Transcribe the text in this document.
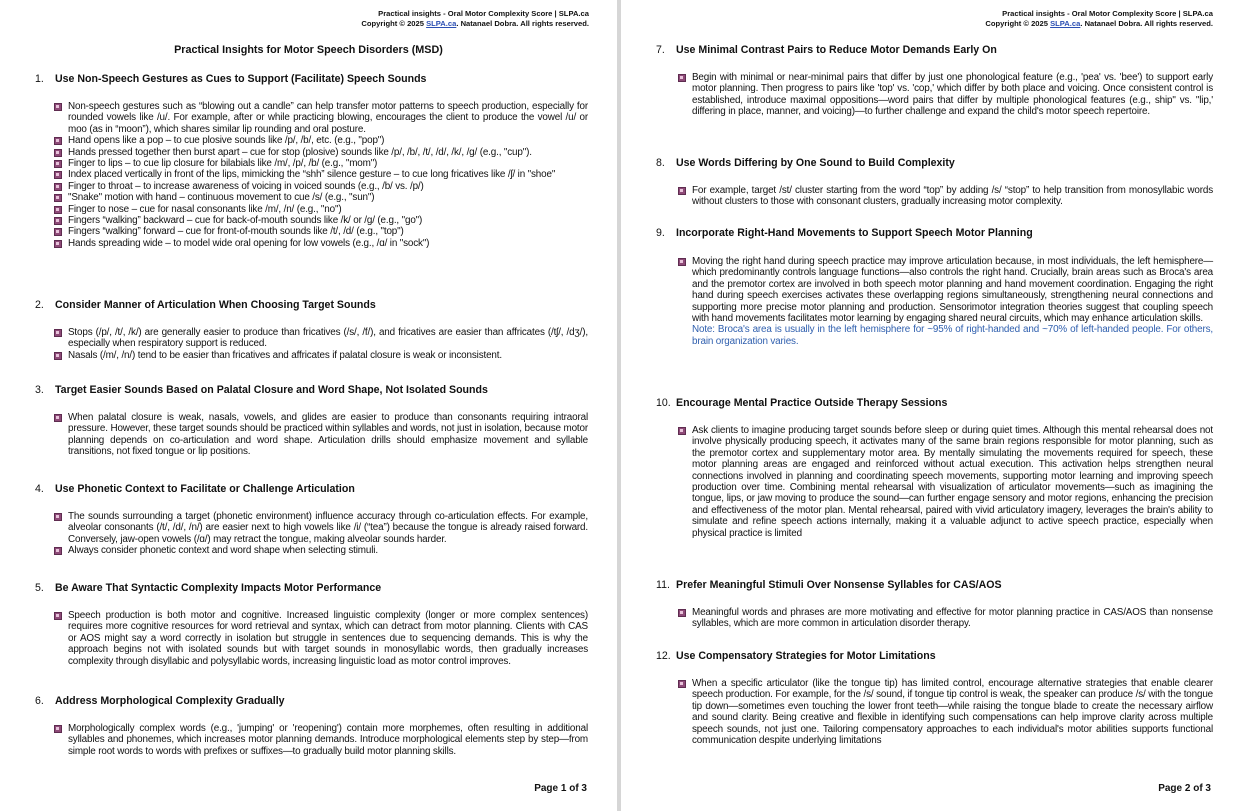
Practical insights - Oral Motor Complexity Score | SLPA.ca
Copyright © 2025 SLPA.ca. Natanael Dobra. All rights reserved.
Practical Insights for Motor Speech Disorders (MSD)
1. Use Non-Speech Gestures as Cues to Support (Facilitate) Speech Sounds
Non-speech gestures such as “blowing out a candle” can help transfer motor patterns to speech production, especially for rounded vowels like /u/. For example, after or while practicing blowing, encourages the client to produce the vowel /u/ or moo (as in “moon”), which shares similar lip rounding and oral posture.
Hand opens like a pop – to cue plosive sounds like /p/, /b/, etc. (e.g., "pop")
Hands pressed together then burst apart – cue for stop (plosive) sounds like /p/, /b/, /t/, /d/, /k/, /g/ (e.g., "cup").
Finger to lips – to cue lip closure for bilabials like /m/, /p/, /b/ (e.g., "mom")
Index placed vertically in front of the lips, mimicking the “shh” silence gesture – to cue long fricatives like /ʃ/ in "shoe"
Finger to throat – to increase awareness of voicing in voiced sounds (e.g., /b/ vs. /p/)
"Snake" motion with hand – continuous movement to cue /s/ (e.g., "sun")
Finger to nose – cue for nasal consonants like /m/, /n/ (e.g., "no")
Fingers “walking” backward – cue for back-of-mouth sounds like /k/ or /g/ (e.g., "go")
Fingers “walking” forward – cue for front-of-mouth sounds like /t/, /d/ (e.g., "top")
Hands spreading wide – to model wide oral opening for low vowels (e.g., /ɑ/ in "sock")
2. Consider Manner of Articulation When Choosing Target Sounds
Stops (/p/, /t/, /k/) are generally easier to produce than fricatives (/s/, /f/), and fricatives are easier than affricates (/tʃ/, /dʒ/), especially when respiratory support is reduced.
Nasals (/m/, /n/) tend to be easier than fricatives and affricates if palatal closure is weak or inconsistent.
3. Target Easier Sounds Based on Palatal Closure and Word Shape, Not Isolated Sounds
When palatal closure is weak, nasals, vowels, and glides are easier to produce than consonants requiring intraoral pressure. However, these target sounds should be practiced within syllables and words, not just in isolation, because motor planning depends on co-articulation and word shape. Articulation drills should emphasize movement and syllable transitions, not fixed tongue or lip positions.
4. Use Phonetic Context to Facilitate or Challenge Articulation
The sounds surrounding a target (phonetic environment) influence accuracy through co-articulation effects. For example, alveolar consonants (/t/, /d/, /n/) are easier next to high vowels like /i/ (“tea”) because the tongue is already raised forward. Conversely, jaw-open vowels (/ɑ/) may retract the tongue, making alveolar sounds harder.
Always consider phonetic context and word shape when selecting stimuli.
5. Be Aware That Syntactic Complexity Impacts Motor Performance
Speech production is both motor and cognitive. Increased linguistic complexity (longer or more complex sentences) requires more cognitive resources for word retrieval and syntax, which can detract from motor planning. Clients with CAS or AOS might say a word correctly in isolation but struggle in sentences due to sequencing demands. This is why the approach begins not with isolated sounds but with target sounds in monosyllabic words, then gradually increases complexity through disyllabic and polysyllabic words, increasing linguistic load as motor control improves.
6. Address Morphological Complexity Gradually
Morphologically complex words (e.g., 'jumping' or 'reopening') contain more morphemes, often resulting in additional syllables and phonemes, which increases motor planning demands. Introduce morphological elements step by step—from simple root words to words with prefixes or suffixes—to gradually build motor planning skills.
Page 1 of 3
Practical insights - Oral Motor Complexity Score | SLPA.ca
Copyright © 2025 SLPA.ca. Natanael Dobra. All rights reserved.
7. Use Minimal Contrast Pairs to Reduce Motor Demands Early On
Begin with minimal or near-minimal pairs that differ by just one phonological feature (e.g., 'pea' vs. 'bee') to support early motor planning. Then progress to pairs like 'top' vs. 'cop,' which differ by both place and voicing. Once consistent control is established, introduce maximal oppositions—word pairs that differ by multiple phonological features (e.g., ship" vs. "lip,' differing in place, manner, and voicing)—to further challenge and expand the child's motor speech repertoire.
8. Use Words Differing by One Sound to Build Complexity
For example, target /st/ cluster starting from the word “top” by adding /s/ “stop” to help transition from monosyllabic words without clusters to those with consonant clusters, gradually increasing motor complexity.
9. Incorporate Right-Hand Movements to Support Speech Motor Planning
Moving the right hand during speech practice may improve articulation because, in most individuals, the left hemisphere—which predominantly controls language functions—also controls the right hand. Crucially, brain areas such as Broca's area and the premotor cortex are involved in both speech motor planning and hand movement coordination. Engaging the right hand during speech exercises activates these overlapping regions simultaneously, strengthening neural connections and supporting more precise motor planning and production. Sensorimotor integration theories suggest that coupling speech with hand movements facilitates motor learning by engaging shared neural circuits, which may enhance articulation skills.
Note: Broca's area is usually in the left hemisphere for ~95% of right-handed and ~70% of left-handed people. For others, brain organization varies.
10. Encourage Mental Practice Outside Therapy Sessions
Ask clients to imagine producing target sounds before sleep or during quiet times. Although this mental rehearsal does not involve physically producing speech, it activates many of the same brain regions responsible for motor planning, such as the premotor cortex and supplementary motor area. By mentally simulating the movements required for speech, these motor planning areas are engaged and reinforced without actual execution. This activation helps strengthen neural connections involved in planning and coordinating speech movements, supporting motor learning and improving speech production over time. Combining mental rehearsal with visualization of articulator movements—such as imagining the tongue, lips, or jaw moving to produce the sound—can further engage sensory and motor regions, enhancing the precision and effectiveness of the motor plan. Mental rehearsal, paired with vivid articulatory imagery, leverages the brain's ability to simulate and refine speech actions internally, making it a valuable adjunct to active speech practice, especially when physical practice is limited
11. Prefer Meaningful Stimuli Over Nonsense Syllables for CAS/AOS
Meaningful words and phrases are more motivating and effective for motor planning practice in CAS/AOS than nonsense syllables, which are more common in articulation disorder therapy.
12. Use Compensatory Strategies for Motor Limitations
When a specific articulator (like the tongue tip) has limited control, encourage alternative strategies that enable clearer speech production. For example, for the /s/ sound, if tongue tip control is weak, the speaker can produce /s/ with the tongue tip down—sometimes even touching the lower front teeth—while raising the tongue blade to create the necessary airflow and sound clarity. Being creative and flexible in identifying such compensations can help improve clarity across multiple speech sounds, not just one. Tailoring compensatory approaches to each individual's motor abilities supports functional communication despite underlying limitations
Page 2 of 3
